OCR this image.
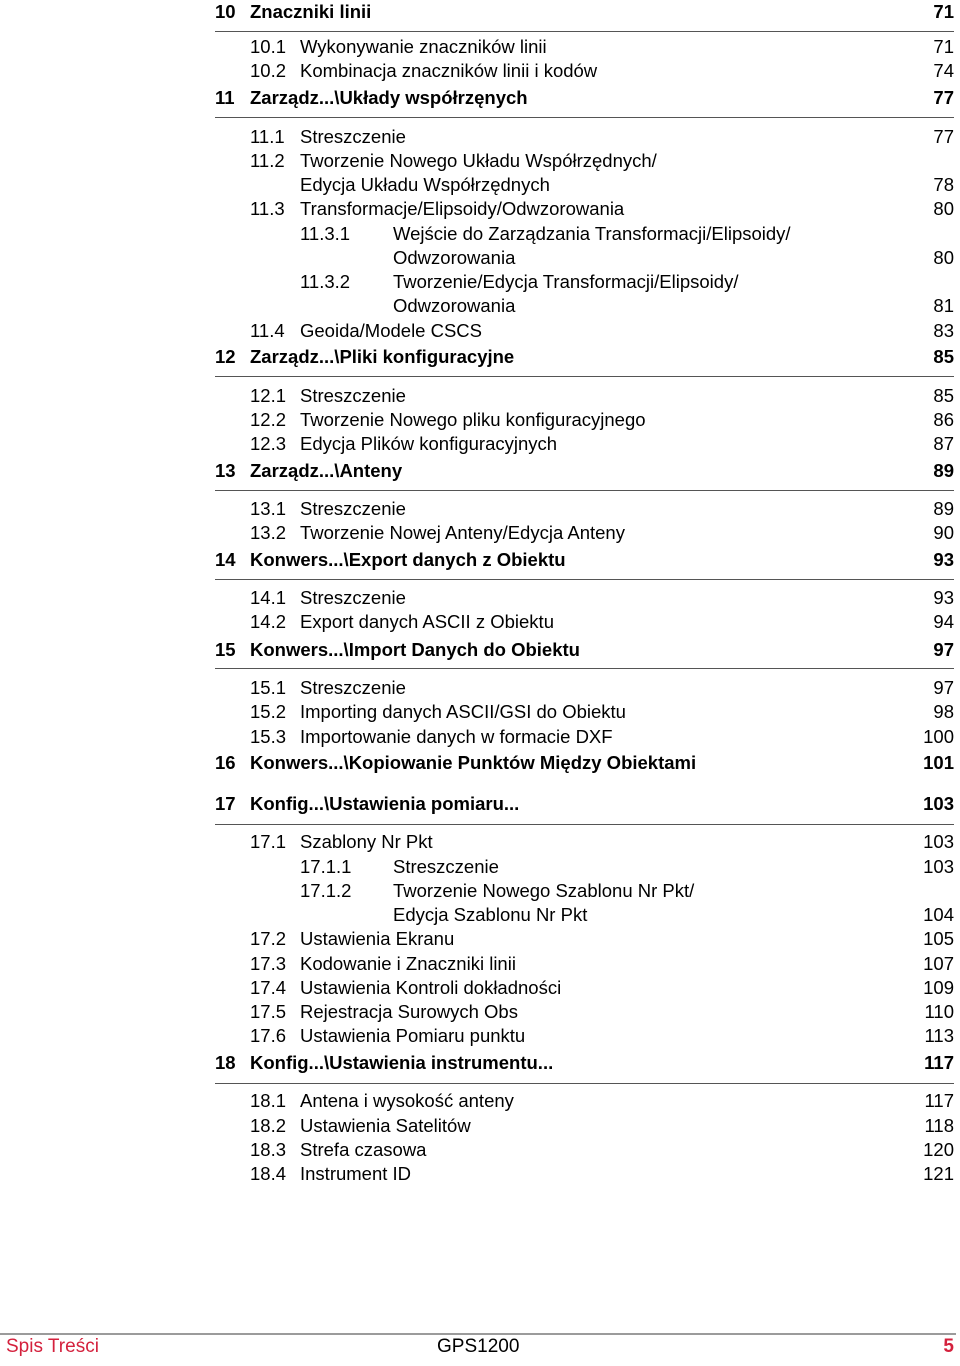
10 Znaczniki linii	71
10.1 Wykonywanie znaczników linii	71
10.2 Kombinacja znaczników linii i kodów	74
11 Zarządz...\Układy współrzęnych	77
11.1 Streszczenie	77
11.2 Tworzenie Nowego Układu Współrzędnych/
Edycja Układu Współrzędnych	78
11.3 Transformacje/Elipsoidy/Odwzorowania	80
11.3.1 Wejście do Zarządzania Transformacji/Elipsoidy/
Odwzorowania	80
11.3.2 Tworzenie/Edycja Transformacji/Elipsoidy/
Odwzorowania	81
11.4 Geoida/Modele CSCS	83
12 Zarządz...\Pliki konfiguracyjne	85
12.1 Streszczenie	85
12.2 Tworzenie Nowego pliku konfiguracyjnego	86
12.3 Edycja Plików konfiguracyjnych	87
13 Zarządz...\Anteny	89
13.1 Streszczenie	89
13.2 Tworzenie Nowej Anteny/Edycja Anteny	90
14 Konwers...\Export danych z Obiektu	93
14.1 Streszczenie	93
14.2 Export danych ASCII z Obiektu	94
15 Konwers...\Import Danych do Obiektu	97
15.1 Streszczenie	97
15.2 Importing danych ASCII/GSI do Obiektu	98
15.3 Importowanie danych w formacie DXF	100
16 Konwers...\Kopiowanie Punktów Między Obiektami	101
17 Konfig...\Ustawienia pomiaru...	103
17.1 Szablony Nr Pkt	103
17.1.1 Streszczenie	103
17.1.2 Tworzenie Nowego Szablonu Nr Pkt/
Edycja Szablonu Nr Pkt	104
17.2 Ustawienia Ekranu	105
17.3 Kodowanie i Znaczniki linii	107
17.4 Ustawienia Kontroli dokładności	109
17.5 Rejestracja Surowych Obs	110
17.6 Ustawienia Pomiaru punktu	113
18 Konfig...\Ustawienia instrumentu...	117
18.1 Antena i wysokość anteny	117
18.2 Ustawienia Satelitów	118
18.3 Strefa czasowa	120
18.4 Instrument ID	121
Spis Treści	GPS1200	5
